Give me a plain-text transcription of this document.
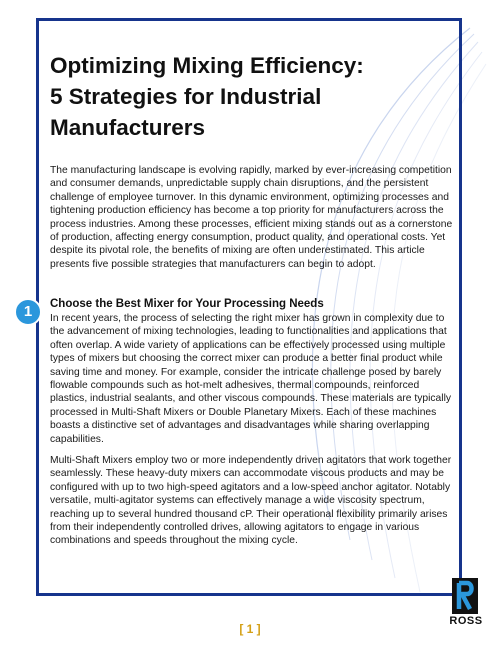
Optimizing Mixing Efficiency:
5 Strategies for Industrial
Manufacturers

The manufacturing landscape is evolving rapidly, marked by ever-increasing competition and consumer demands, unpredictable supply chain disruptions, and the persistent challenge of employee turnover. In this dynamic environment, optimizing processes and tightening production efficiency has become a top priority for manufacturers across the process industries. Among these processes, efficient mixing stands out as a cornerstone of production, affecting energy consumption, product quality, and operational costs. Yet despite its pivotal role, the benefits of mixing are often underestimated. This article presents five possible strategies that manufacturers can begin to adopt.

1	Choose the Best Mixer for Your Processing Needs

In recent years, the process of selecting the right mixer has grown in complexity due to the advancement of mixing technologies, leading to functionalities and applications that often overlap. A wide variety of applications can be effectively processed using multiple types of mixers but choosing the correct mixer can produce a better final product while saving time and money. For example, consider the intricate challenge posed by barely flowable compounds such as hot-melt adhesives, thermal compounds, reinforced plastics, industrial sealants, and other viscous compounds. These materials are typically processed in Multi-Shaft Mixers or Double Planetary Mixers. Each of these machines boasts a distinctive set of advantages and disadvantages while sharing overlapping capabilities.

Multi-Shaft Mixers employ two or more independently driven agitators that work together seamlessly. These heavy-duty mixers can accommodate viscous products and may be configured with up to two high-speed agitators and a low-speed anchor agitator. Notably versatile, multi-agitator systems can effectively manage a wide viscosity spectrum, reaching up to several hundred thousand cP. Their operational flexibility primarily arises from their independently controlled drives, allowing agitators to engage in various combinations and speeds throughout the mixing cycle.

ROSS
[ 1 ]
